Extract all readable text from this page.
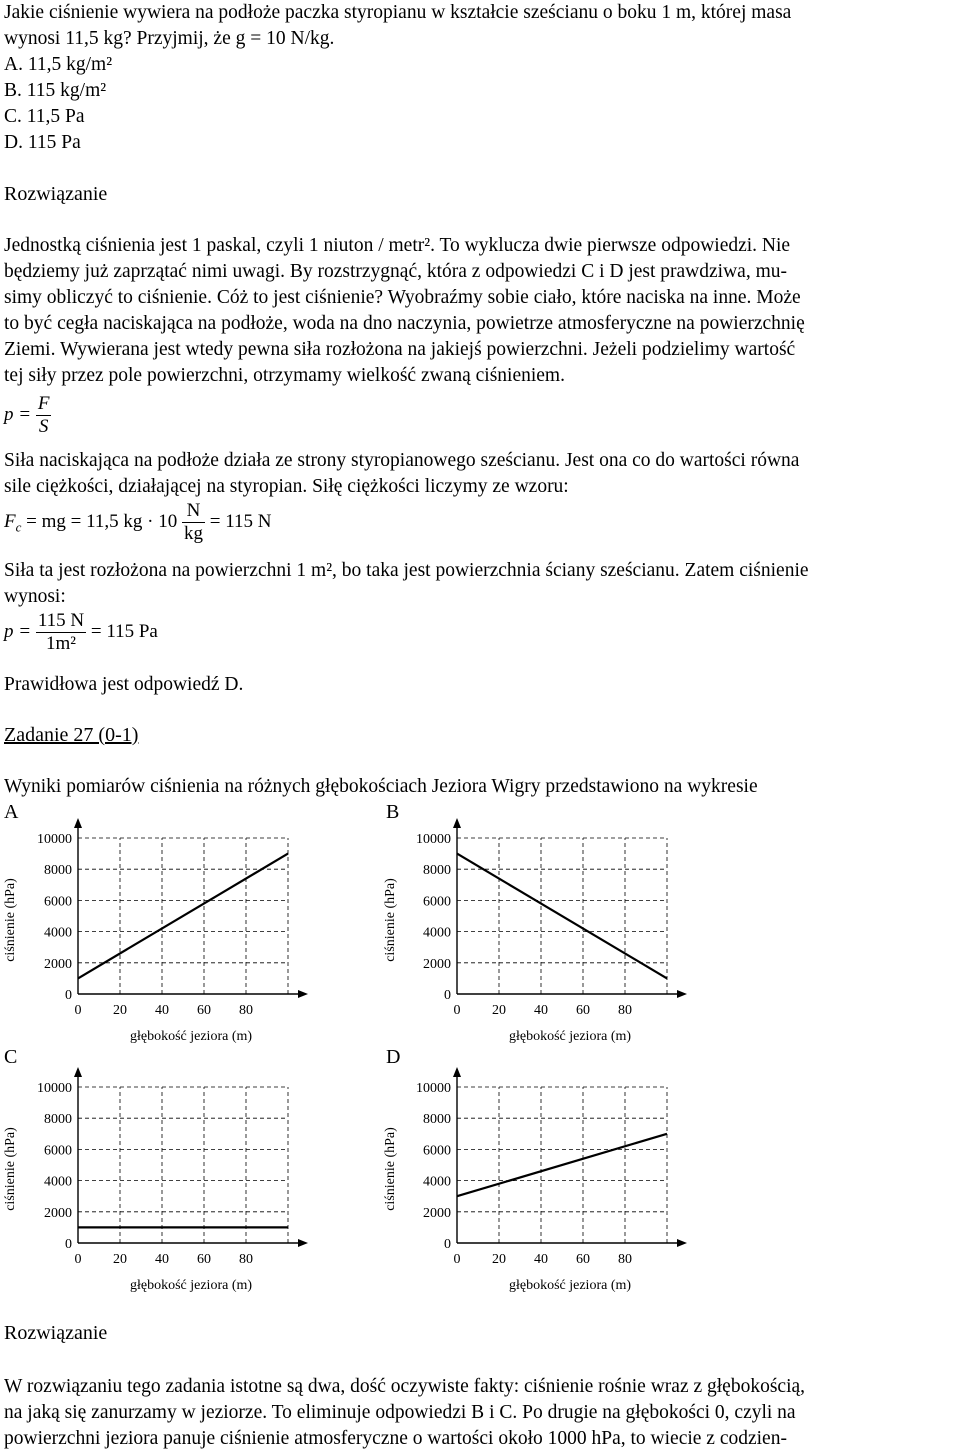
Jakie ciśnienie wywiera na podłoże paczka styropianu w kształcie sześcianu o boku 1 m, której masa

wynosi 11,5 kg? Przyjmij, że g = 10 N/kg.

A. 11,5 kg/m²

B. 115 kg/m²

C. 11,5 Pa

D. 115 Pa

Rozwiązanie

Jednostką ciśnienia jest 1 paskal, czyli 1 niuton / metr². To wyklucza dwie pierwsze odpowiedzi. Nie

będziemy już zaprzątać nimi uwagi. By rozstrzygnąć, która z odpowiedzi C i D jest prawdziwa, mu-

simy obliczyć to ciśnienie. Cóż to jest ciśnienie? Wyobraźmy sobie ciało, które naciska na inne. Może

to być cegła naciskająca na podłoże, woda na dno naczynia, powietrze atmosferyczne na powierzchnię

Ziemi. Wywierana jest wtedy pewna siła rozłożona na jakiejś powierzchni. Jeżeli podzielimy wartość

tej siły przez pole powierzchni, otrzymamy wielkość zwaną ciśnieniem.

$p = \frac{F}{S}$

Siła naciskająca na podłoże działa ze strony styropianowego sześcianu. Jest ona co do wartości równa

sile ciężkości, działającej na styropian. Siłę ciężkości liczymy ze wzoru:

$F_c$ = mg = 11,5 kg · $10 \frac{N}{kg} = 115$ N

Siła ta jest rozłożona na powierzchni 1 m², bo taka jest powierzchnia ściany sześcianu. Zatem ciśnienie

wynosi:

$p = \frac{115 N}{\text{1m²}} = 115$ Pa

Prawidłowa jest odpowiedź D.

Zadanie 27 (0-1)

Wyniki pomiarów ciśnienia na różnych głębokościach Jeziora Wigry przedstawiono na wykresie

Rozwiązanie

W rozwiązaniu tego zadania istotne są dwa, dość oczywiste fakty: ciśnienie rośnie wraz z głębokością,

na jaką się zanurzamy w jeziorze. To eliminuje odpowiedzi B i C. Po drugie na głębokości 0, czyli na

powierzchni jeziora panuje ciśnienie atmosferyczne o wartości około 1000 hPa, to wiecie z codzien-

A
0
2000
4000
6000
8000
10000
0 20 40 60 80
głębokość jeziora (m)
ciśnienie (hPa)
B
0
2000
4000
6000
8000
10000
0 20 40 60 80
głębokość jeziora (m)
ciśnienie (hPa)
C
0
2000
4000
6000
8000
10000
0 20 40 60 80
głębokość jeziora (m)
ciśnienie (hPa)
D
0
2000
4000
6000
8000
10000
0 20 40 60 80
głębokość jeziora (m)
ciśnienie (hPa)
